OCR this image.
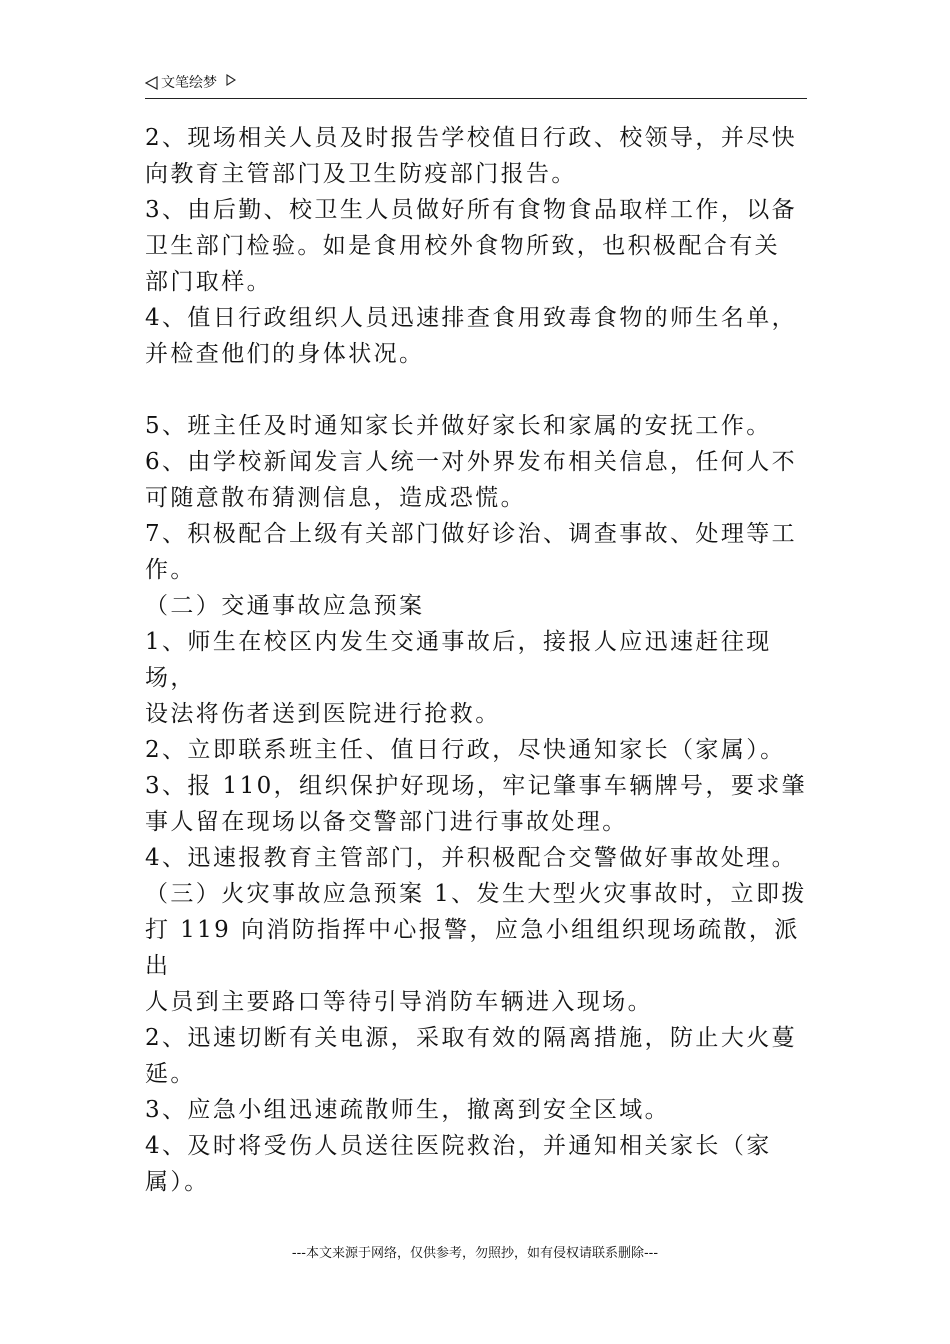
文笔绘梦

2、现场相关人员及时报告学校值日行政、校领导，并尽快
向教育主管部门及卫生防疫部门报告。

3、由后勤、校卫生人员做好所有食物食品取样工作，以备
卫生部门检验。如是食用校外食物所致，也积极配合有关
部门取样。

4、值日行政组织人员迅速排查食用致毒食物的师生名单，
并检查他们的身体状况。

5、班主任及时通知家长并做好家长和家属的安抚工作。

6、由学校新闻发言人统一对外界发布相关信息，任何人不
可随意散布猜测信息，造成恐慌。

7、积极配合上级有关部门做好诊治、调查事故、处理等工
作。

（二）交通事故应急预案

1、师生在校区内发生交通事故后，接报人应迅速赶往现场，
设法将伤者送到医院进行抢救。

2、立即联系班主任、值日行政，尽快通知家长（家属）。

3、报 110，组织保护好现场，牢记肇事车辆牌号，要求肇
事人留在现场以备交警部门进行事故处理。

4、迅速报教育主管部门，并积极配合交警做好事故处理。

（三）火灾事故应急预案 1、发生大型火灾事故时，立即拨
打 119 向消防指挥中心报警，应急小组组织现场疏散，派出
人员到主要路口等待引导消防车辆进入现场。

2、迅速切断有关电源，采取有效的隔离措施，防止大火蔓
延。

3、应急小组迅速疏散师生，撤离到安全区域。

4、及时将受伤人员送往医院救治，并通知相关家长（家
属）。

---本文来源于网络，仅供参考，勿照抄，如有侵权请联系删除---
